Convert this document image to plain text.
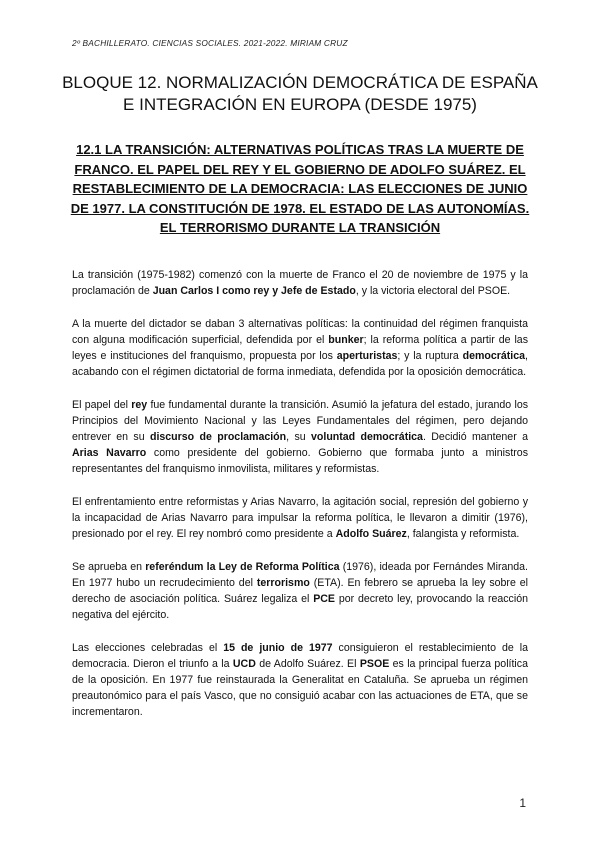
2º BACHILLERATO. CIENCIAS SOCIALES. 2021-2022. MIRIAM CRUZ
BLOQUE 12. NORMALIZACIÓN DEMOCRÁTICA DE ESPAÑA E INTEGRACIÓN EN EUROPA (DESDE 1975)
12.1 LA TRANSICIÓN: ALTERNATIVAS POLÍTICAS TRAS LA MUERTE DE FRANCO. EL PAPEL DEL REY Y EL GOBIERNO DE ADOLFO SUÁREZ. EL RESTABLECIMIENTO DE LA DEMOCRACIA: LAS ELECCIONES DE JUNIO DE 1977. LA CONSTITUCIÓN DE 1978. EL ESTADO DE LAS AUTONOMÍAS. EL TERRORISMO DURANTE LA TRANSICIÓN

La transición (1975-1982) comenzó con la muerte de Franco el 20 de noviembre de 1975 y la proclamación de Juan Carlos I como rey y Jefe de Estado, y la victoria electoral del PSOE.

A la muerte del dictador se daban 3 alternativas políticas: la continuidad del régimen franquista con alguna modificación superficial, defendida por el bunker; la reforma política a partir de las leyes e instituciones del franquismo, propuesta por los aperturistas; y la ruptura democrática, acabando con el régimen dictatorial de forma inmediata, defendida por la oposición democrática.

El papel del rey fue fundamental durante la transición. Asumió la jefatura del estado, jurando los Principios del Movimiento Nacional y las Leyes Fundamentales del régimen, pero dejando entrever en su discurso de proclamación, su voluntad democrática. Decidió mantener a Arias Navarro como presidente del gobierno. Gobierno que formaba junto a ministros representantes del franquismo inmovilista, militares y reformistas.

El enfrentamiento entre reformistas y Arias Navarro, la agitación social, represión del gobierno y la incapacidad de Arias Navarro para impulsar la reforma política, le llevaron a dimitir (1976), presionado por el rey. El rey nombró como presidente a Adolfo Suárez, falangista y reformista.

Se aprueba en referéndum la Ley de Reforma Política (1976), ideada por Fernándes Miranda. En 1977 hubo un recrudecimiento del terrorismo (ETA). En febrero se aprueba la ley sobre el derecho de asociación política. Suárez legaliza el PCE por decreto ley, provocando la reacción negativa del ejército.

Las elecciones celebradas el 15 de junio de 1977 consiguieron el restablecimiento de la democracia. Dieron el triunfo a la UCD de Adolfo Suárez. El PSOE es la principal fuerza política de la oposición. En 1977 fue reinstaurada la Generalitat en Cataluña. Se aprueba un régimen preautonómico para el país Vasco, que no consiguió acabar con las actuaciones de ETA, que se incrementaron.

1
